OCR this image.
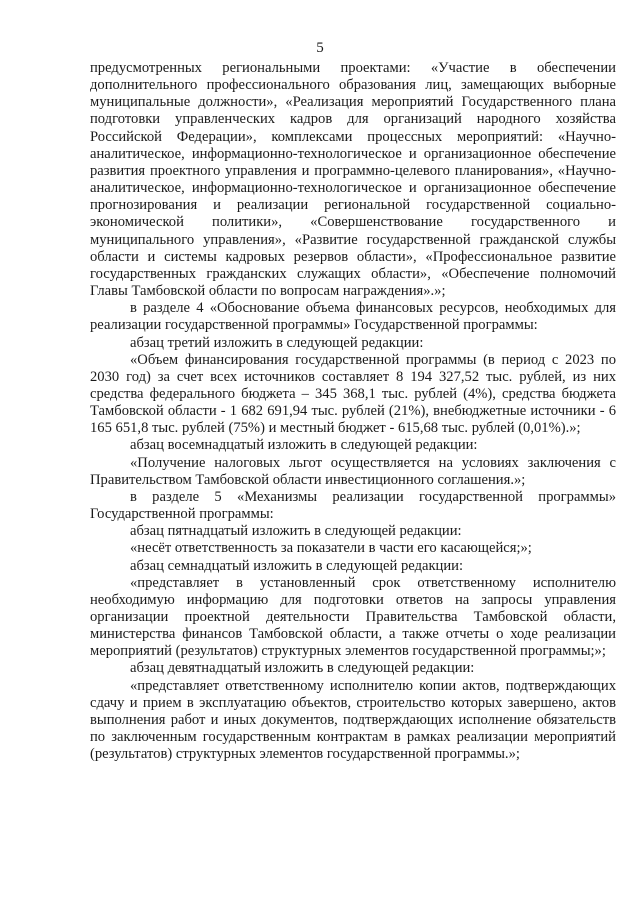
5

предусмотренных региональными проектами: «Участие в обеспечении дополнительного профессионального образования лиц, замещающих выборные муниципальные должности», «Реализация мероприятий Государственного плана подготовки управленческих кадров для организаций народного хозяйства Российской Федерации», комплексами процессных мероприятий: «Научно-аналитическое, информационно-технологическое и организационное обеспечение развития проектного управления и программно-целевого планирования», «Научно-аналитическое, информационно-технологическое и организационное обеспечение прогнозирования и реализации региональной государственной социально-экономической политики», «Совершенствование государственного и муниципального управления», «Развитие государственной гражданской службы области и системы кадровых резервов области», «Профессиональное развитие государственных гражданских служащих области», «Обеспечение полномочий Главы Тамбовской области по вопросам награждения».»;

в разделе 4 «Обоснование объема финансовых ресурсов, необходимых для реализации государственной программы» Государственной программы:

абзац третий изложить в следующей редакции:

«Объем финансирования государственной программы (в период с 2023 по 2030 год) за счет всех источников составляет 8 194 327,52 тыс. рублей, из них средства федерального бюджета – 345 368,1 тыс. рублей (4%), средства бюджета Тамбовской области - 1 682 691,94 тыс. рублей (21%), внебюджетные источники - 6 165 651,8 тыс. рублей (75%) и местный бюджет - 615,68 тыс. рублей (0,01%).»;

абзац восемнадцатый изложить в следующей редакции:

«Получение налоговых льгот осуществляется на условиях заключения с Правительством Тамбовской области инвестиционного соглашения.»;

в разделе 5 «Механизмы реализации государственной программы» Государственной программы:

абзац пятнадцатый изложить в следующей редакции:

«несёт ответственность за показатели в части его касающейся;»;

абзац семнадцатый изложить в следующей редакции:

«представляет в установленный срок ответственному исполнителю необходимую информацию для подготовки ответов на запросы управления организации проектной деятельности Правительства Тамбовской области, министерства финансов Тамбовской области, а также отчеты о ходе реализации мероприятий (результатов) структурных элементов государственной программы;»;

абзац девятнадцатый изложить в следующей редакции:

«представляет ответственному исполнителю копии актов, подтверждающих сдачу и прием в эксплуатацию объектов, строительство которых завершено, актов выполнения работ и иных документов, подтверждающих исполнение обязательств по заключенным государственным контрактам в рамках реализации мероприятий (результатов) структурных элементов государственной программы.»;
